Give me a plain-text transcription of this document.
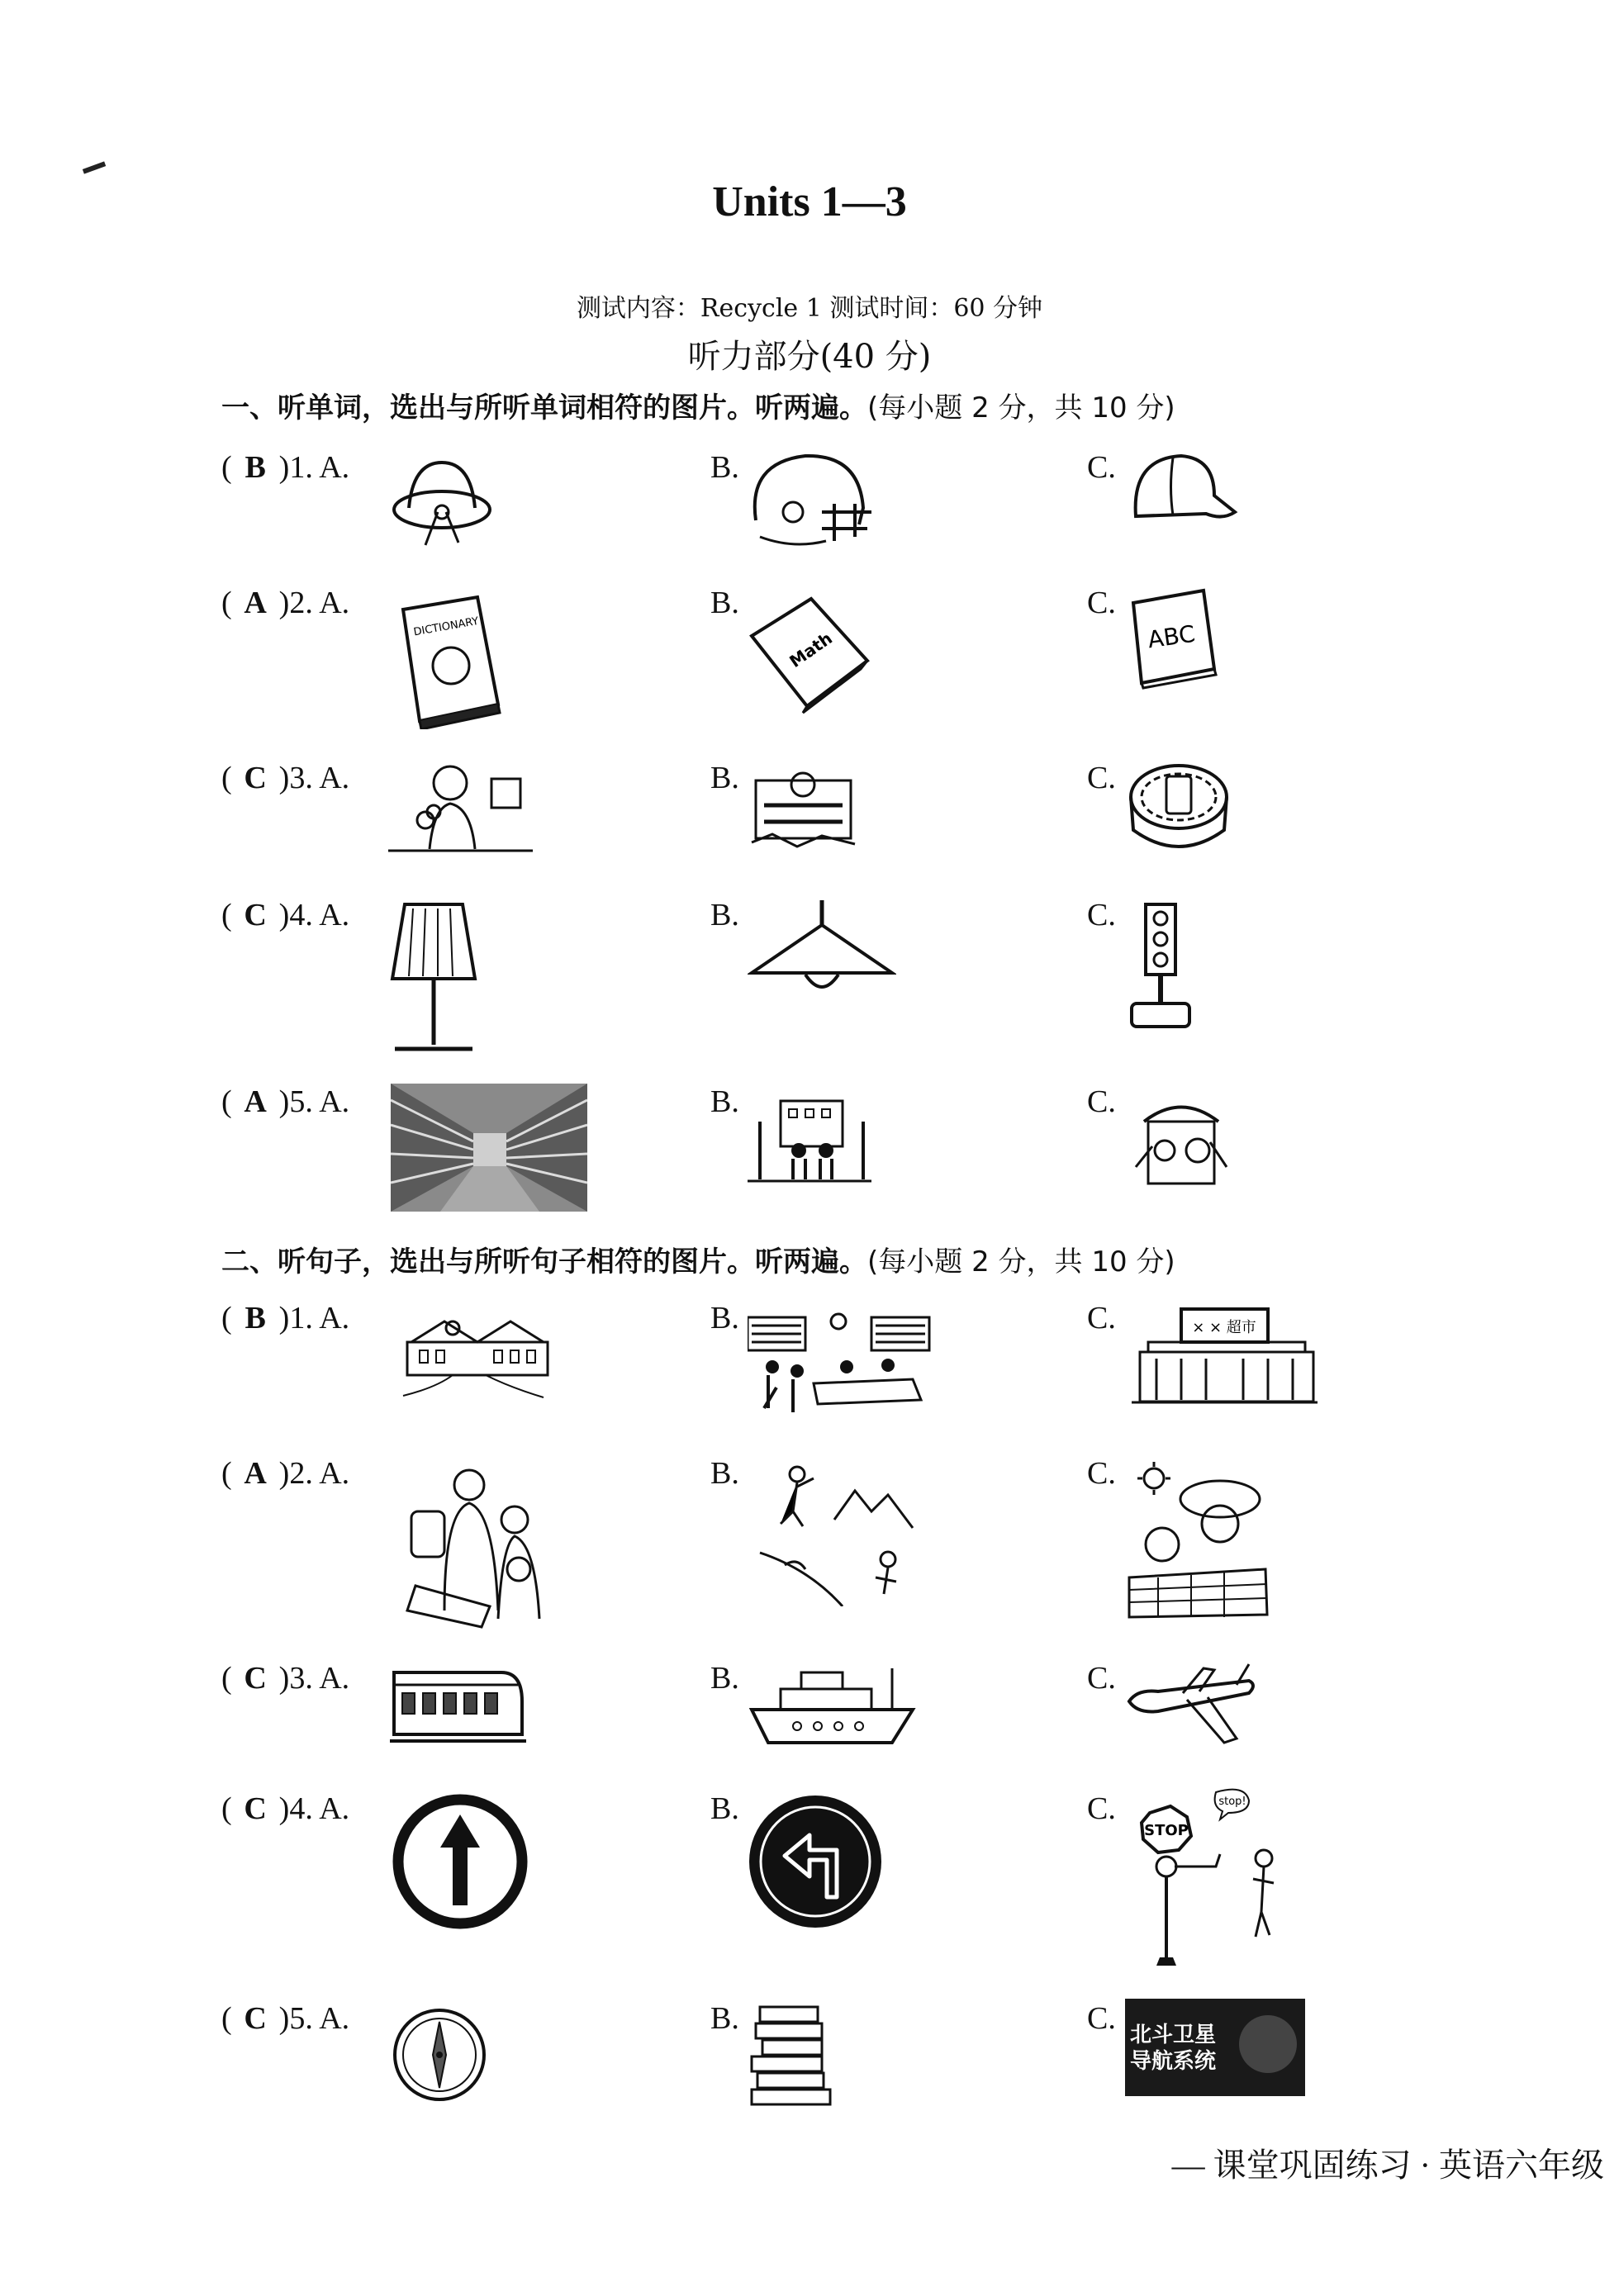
Units 1—3
测试内容：Recycle 1 测试时间：60 分钟
听力部分(40 分)
一、听单词，选出与所听单词相符的图片。听两遍。(每小题 2 分，共 10 分)
二、听句子，选出与所听句子相符的图片。听两遍。(每小题 2 分，共 10 分)
( B )1. A.	B.	C.
( A )2. A.	B.	C.
DICTIONARY
Math	ABC
( C )3. A.	B.	C.
( C )4. A.	B.	C.
( A )5. A.	B.	C.
( B )1. A.	B.	C.	× × 超市
( A )2. A.	B.	C.
( C )3. A.	B.	C.
( C )4. A.	B.	C.	stop!
STOP
( C )5. A.	B.	C. 北斗卫星
导航系统
— 课堂巩固练习 · 英语六年级
